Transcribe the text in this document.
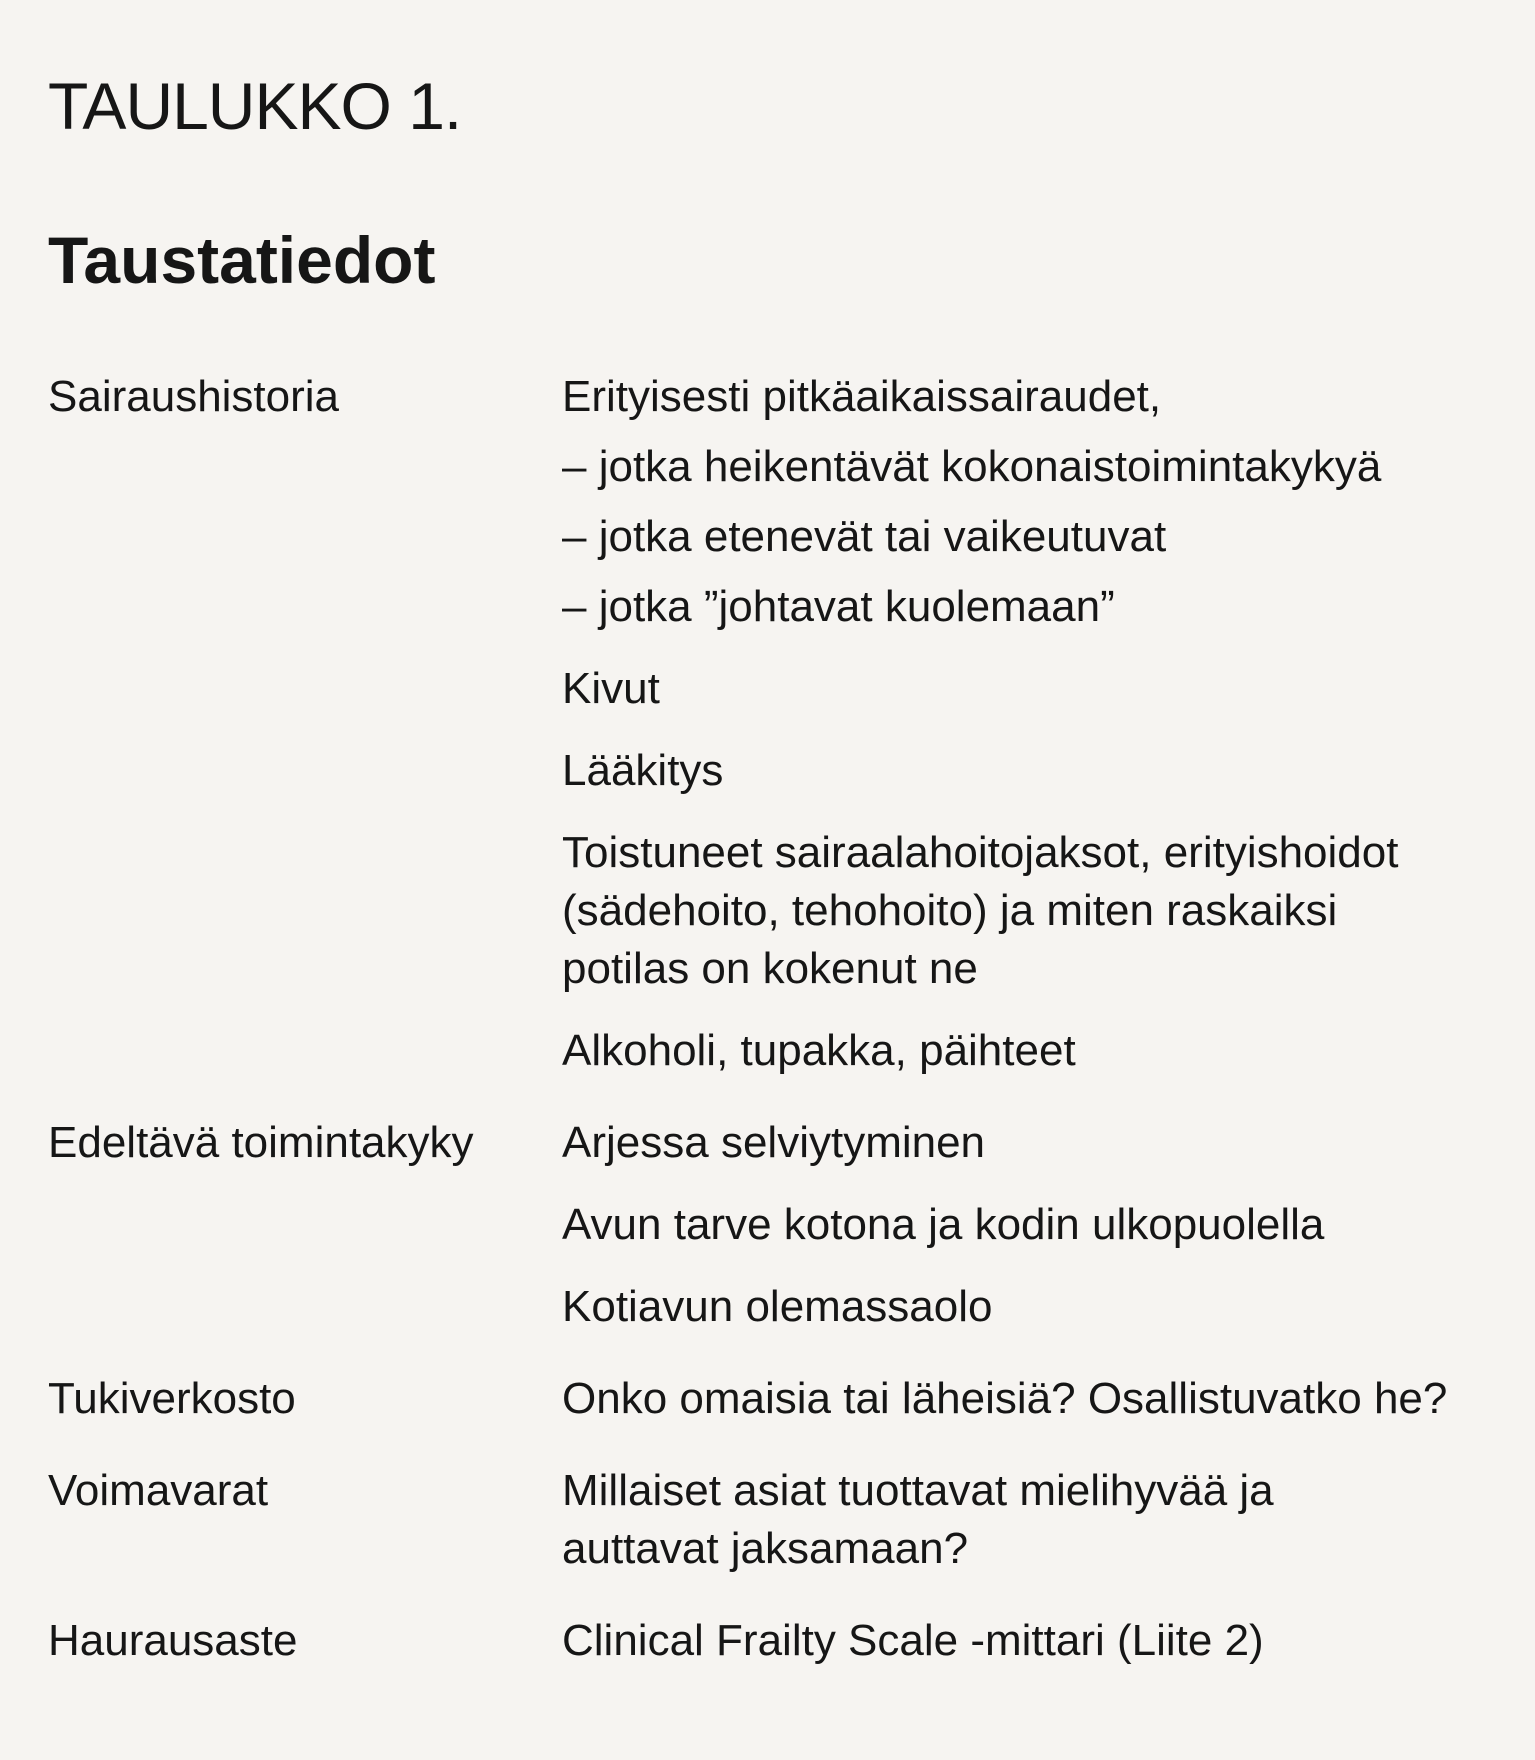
TAULUKKO 1.
Taustatiedot
Sairaushistoria	Erityisesti pitkäaikaissairaudet,
– jotka heikentävät kokonaistoimintakykyä
– jotka etenevät tai vaikeutuvat
– jotka ”johtavat kuolemaan”
Kivut
Lääkitys
Toistuneet sairaalahoitojaksot, erityishoidot (sädehoito, tehohoito) ja miten raskaiksi potilas on kokenut ne
Alkoholi, tupakka, päihteet
Edeltävä toimintakyky	Arjessa selviytyminen
Avun tarve kotona ja kodin ulkopuolella
Kotiavun olemassaolo
Tukiverkosto	Onko omaisia tai läheisiä? Osallistuvatko he?
Voimavarat	Millaiset asiat tuottavat mielihyvää ja auttavat jaksamaan?
Haurausaste	Clinical Frailty Scale -mittari (Liite 2)
